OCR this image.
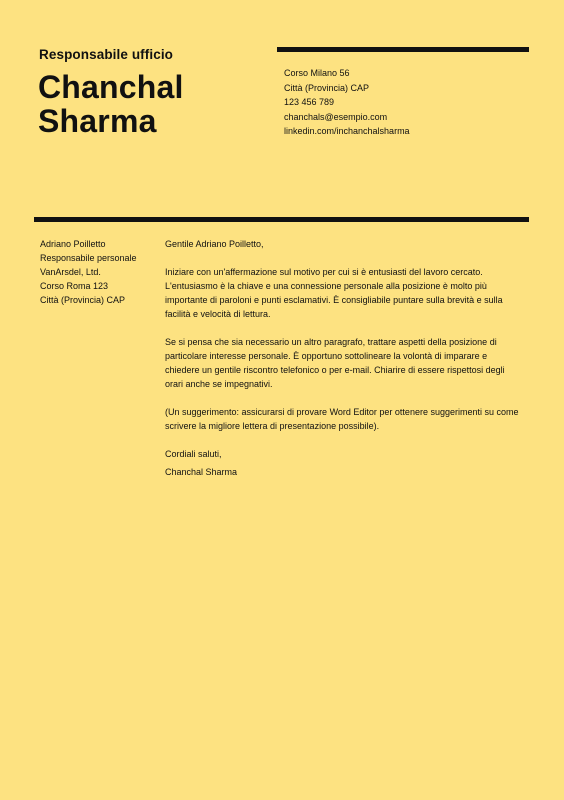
Responsabile ufficio
Chanchal
Sharma
Corso Milano 56
Città (Provincia) CAP
123 456 789
chanchals@esempio.com
linkedin.com/inchanchalsharma
Adriano Poilletto
Responsabile personale
VanArsdel, Ltd.
Corso Roma 123
Città (Provincia) CAP

Gentile Adriano Poilletto,

Iniziare con un'affermazione sul motivo per cui si è entusiasti del lavoro cercato. L'entusiasmo è la chiave e una connessione personale alla posizione è molto più importante di paroloni e punti esclamativi. È consigliabile puntare sulla brevità e sulla facilità e velocità di lettura.

Se si pensa che sia necessario un altro paragrafo, trattare aspetti della posizione di particolare interesse personale. È opportuno sottolineare la volontà di imparare e chiedere un gentile riscontro telefonico o per e-mail. Chiarire di essere rispettosi degli orari anche se impegnativi.

(Un suggerimento: assicurarsi di provare Word Editor per ottenere suggerimenti su come scrivere la migliore lettera di presentazione possibile).

Cordiali saluti,

Chanchal Sharma
